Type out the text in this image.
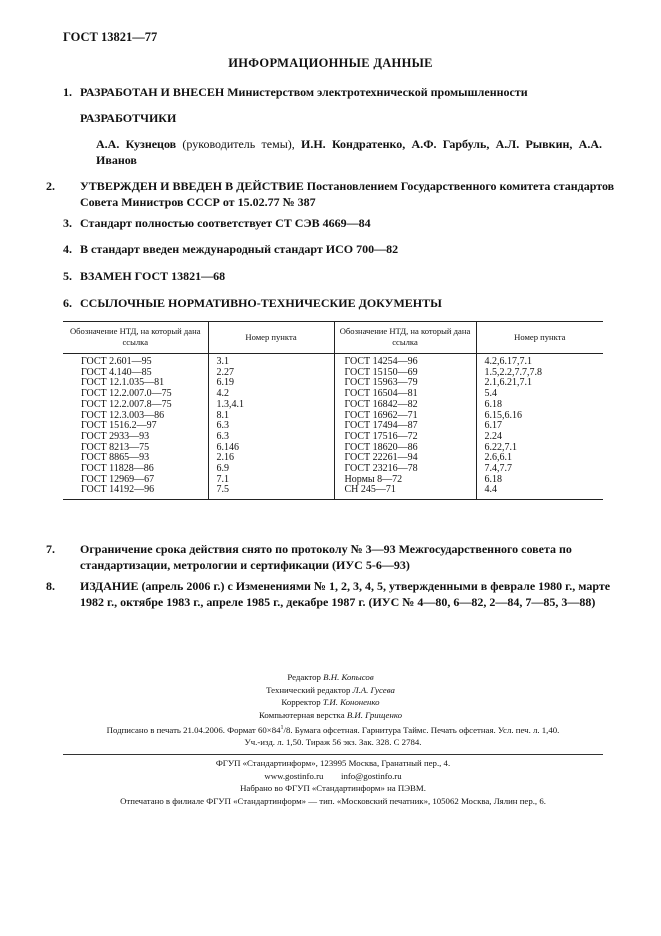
ГОСТ 13821—77
ИНФОРМАЦИОННЫЕ ДАННЫЕ
1. РАЗРАБОТАН И ВНЕСЕН Министерством электротехнической промышленности
РАЗРАБОТЧИКИ
А.А. Кузнецов (руководитель темы), И.Н. Кондратенко, А.Ф. Гарбуль, А.Л. Рывкин, А.А. Иванов
2. УТВЕРЖДЕН И ВВЕДЕН В ДЕЙСТВИЕ Постановлением Государственного комитета стандартов Совета Министров СССР от 15.02.77 № 387
3. Стандарт полностью соответствует СТ СЭВ 4669—84
4. В стандарт введен международный стандарт ИСО 700—82
5. ВЗАМЕН ГОСТ 13821—68
6. ССЫЛОЧНЫЕ НОРМАТИВНО-ТЕХНИЧЕСКИЕ ДОКУМЕНТЫ
Обозначение НТД, на который дана ссылка	Номер пункта	Обозначение НТД, на который дана ссылка	Номер пункта
ГОСТ 2.601—95	3.1	ГОСТ 14254—96	4.2,6.17,7.1
ГОСТ 4.140—85	2.27	ГОСТ 15150—69	1.5,2.2,7.7,7.8
ГОСТ 12.1.035—81	6.19	ГОСТ 15963—79	2.1,6.21,7.1
ГОСТ 12.2.007.0—75	4.2	ГОСТ 16504—81	5.4
ГОСТ 12.2.007.8—75	1.3,4.1	ГОСТ 16842—82	6.18
ГОСТ 12.3.003—86	8.1	ГОСТ 16962—71	6.15,6.16
ГОСТ 1516.2—97	6.3	ГОСТ 17494—87	6.17
ГОСТ 2933—93	6.3	ГОСТ 17516—72	2.24
ГОСТ 8213—75	6.146	ГОСТ 18620—86	6.22,7.1
ГОСТ 8865—93	2.16	ГОСТ 22261—94	2.6,6.1
ГОСТ 11828—86	6.9	ГОСТ 23216—78	7.4,7.7
ГОСТ 12969—67	7.1	Нормы 8—72	6.18
ГОСТ 14192—96	7.5	СН 245—71	4.4
7. Ограничение срока действия снято по протоколу № 3—93 Межгосударственного совета по стандартизации, метрологии и сертификации (ИУС 5-6—93)
8. ИЗДАНИЕ (апрель 2006 г.) с Изменениями № 1, 2, 3, 4, 5, утвержденными в феврале 1980 г., марте 1982 г., октябре 1983 г., апреле 1985 г., декабре 1987 г. (ИУС № 4—80, 6—82, 2—84, 7—85, 3—88)
Редактор В.Н. Копысов
Технический редактор Л.А. Гусева
Корректор Т.И. Кононенко
Компьютерная верстка В.И. Грищенко
Подписано в печать 21.04.2006. Формат $60\times 84^1/8$. Бумага офсетная. Гарнитура Таймс. Печать офсетная. Усл. печ. л. 1,40.
Уч.-изд. л. 1,50. Тираж 56 экз. Зак. 328. С 2784.
ФГУП «Стандартинформ», 123995 Москва, Гранатный пер., 4.
www.gostinfo.ru        info@gostinfo.ru
Набрано во ФГУП «Стандартинформ» на ПЭВМ.
Отпечатано в филиале ФГУП «Стандартинформ» — тип. «Московский печатник», 105062 Москва, Лялин пер., 6.
